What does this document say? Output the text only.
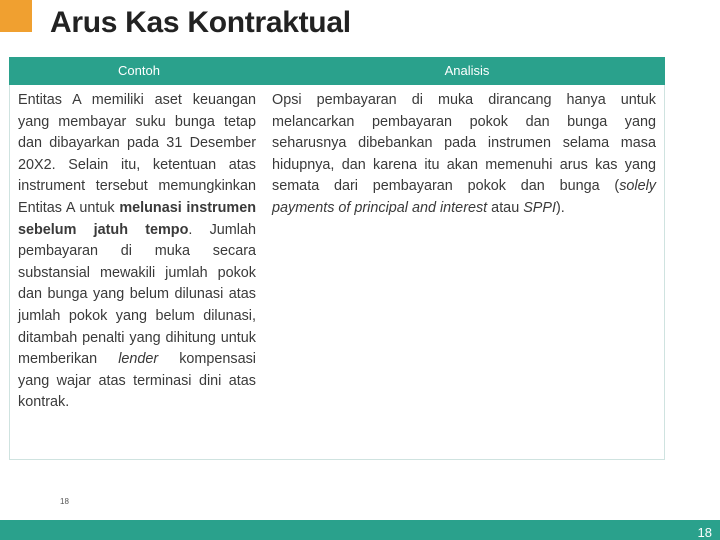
Arus Kas Kontraktual
Contoh	Analisis
Entitas A memiliki aset keuangan yang membayar suku bunga tetap dan dibayarkan pada 31 Desember 20X2. Selain itu, ketentuan atas instrument tersebut memungkinkan Entitas A untuk melunasi instrumen sebelum jatuh tempo. Jumlah pembayaran di muka secara substansial mewakili jumlah pokok dan bunga yang belum dilunasi atas jumlah pokok yang belum dilunasi, ditambah penalti yang dihitung untuk memberikan lender kompensasi yang wajar atas terminasi dini atas kontrak.
Opsi pembayaran di muka dirancang hanya untuk melancarkan pembayaran pokok dan bunga yang seharusnya dibebankan pada instrumen selama masa hidupnya, dan karena itu akan memenuhi arus kas yang semata dari pembayaran pokok dan bunga (solely payments of principal and interest atau SPPI).
18
18
